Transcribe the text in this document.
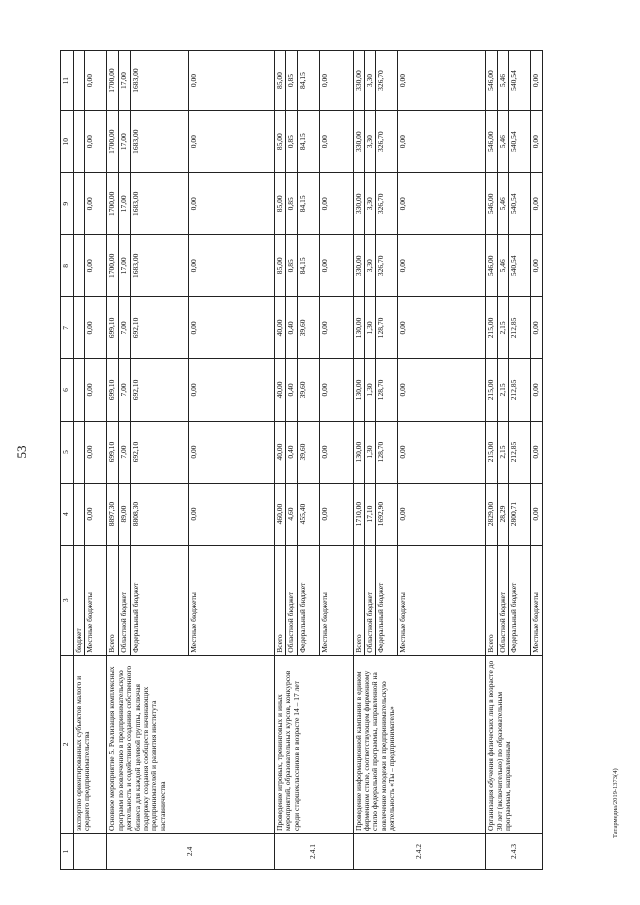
53
Татармедиа/2019-1373(4)
1	2	3	4	5	6	7	8	9	10	11
	экспортно ориентированных субъектов малого и среднего предпринимательства	бюджет								
		Местные бюджеты	0,00	0,00	0,00	0,00	0,00	0,00	0,00	0,00
2.4	Основное мероприятие 5. Реализация комплексных программ по вовлечению в предпринимательскую деятельность и содействию созданию собственного бизнеса для каждой целевой группы, включая поддержку создания сообществ начинающих предпринимателей и развития института наставничества	Всего	8897,30	699,10	699,10	699,10	1700,00	1700,00	1700,00	1700,00
		Областной бюджет	89,00	7,00	7,00	7,00	17,00	17,00	17,00	17,00
		Федеральный бюджет	8808,30	692,10	692,10	692,10	1683,00	1683,00	1683,00	1683,00
		Местные бюджеты	0,00	0,00	0,00	0,00	0,00	0,00	0,00	0,00
2.4.1	Проведение игровых, тренинговых и иных мероприятий, образовательных курсов, конкурсов среди старшеклассников в возрасте 14 – 17 лет	Всего	460,00	40,00	40,00	40,00	85,00	85,00	85,00	85,00
		Областной бюджет	4,60	0,40	0,40	0,40	0,85	0,85	0,85	0,85
		Федеральный бюджет	455,40	39,60	39,60	39,60	84,15	84,15	84,15	84,15
		Местные бюджеты	0,00	0,00	0,00	0,00	0,00	0,00	0,00	0,00
2.4.2	Проведение информационной кампании в едином фирменном стиле, соответствующем фирменному стилю федеральной программы, направленной на вовлечение молодежи в предпринимательскую деятельность «Ты – предприниматель»	Всего	1710,00	130,00	130,00	130,00	330,00	330,00	330,00	330,00
		Областной бюджет	17,10	1,30	1,30	1,30	3,30	3,30	3,30	3,30
		Федеральный бюджет	1692,90	128,70	128,70	128,70	326,70	326,70	326,70	326,70
		Местные бюджеты	0,00	0,00	0,00	0,00	0,00	0,00	0,00	0,00
2.4.3	Организация обучения физических лиц в возрасте до 30 лет (включительно) по образовательным программам, направленным	Всего	2829,00	215,00	215,00	215,00	546,00	546,00	546,00	546,00
		Областной бюджет	28,29	2,15	2,15	2,15	5,46	5,46	5,46	5,46
		Федеральный бюджет	2800,71	212,85	212,85	212,85	540,54	540,54	540,54	540,54
		Местные бюджеты	0,00	0,00	0,00	0,00	0,00	0,00	0,00	0,00
